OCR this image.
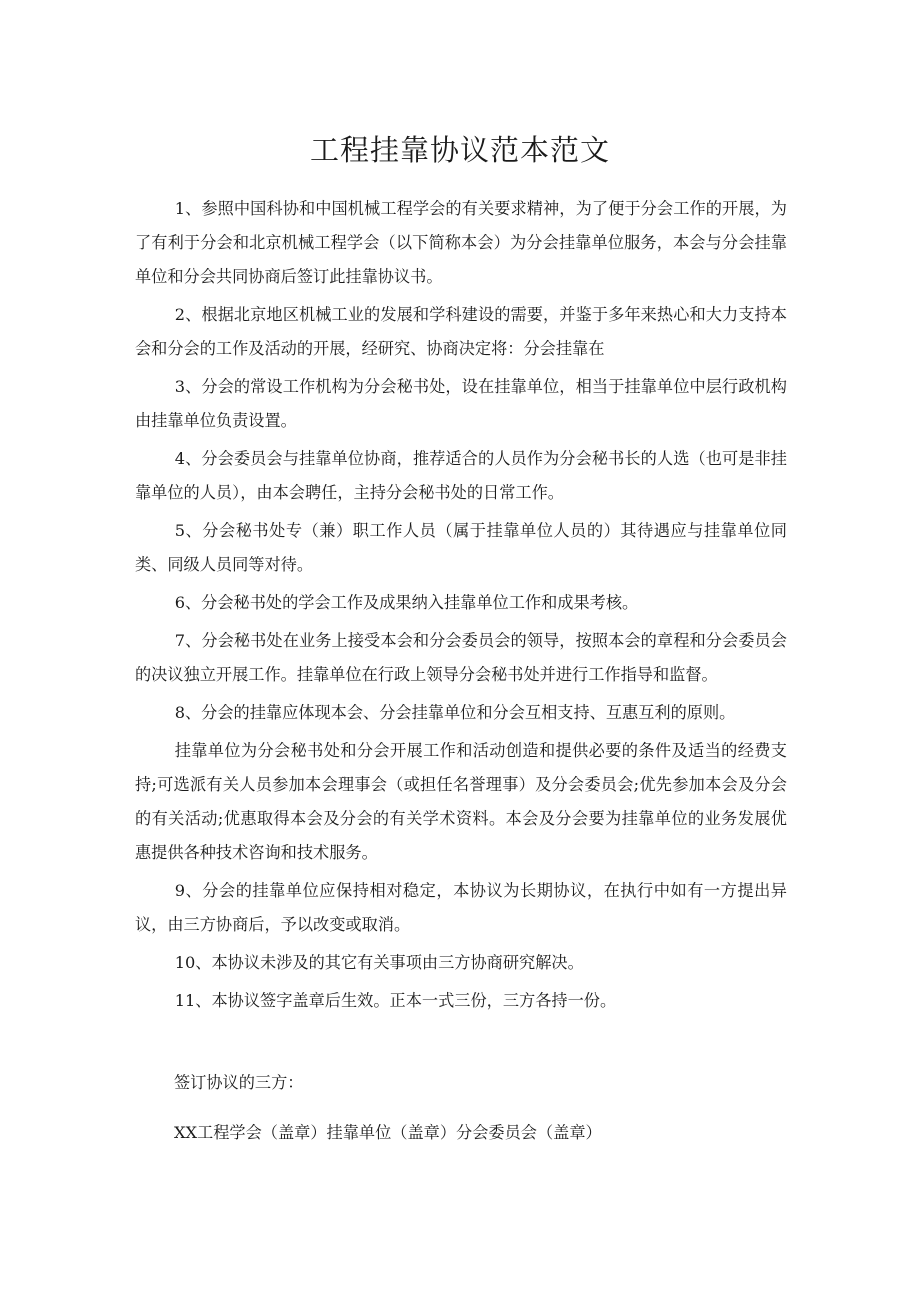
工程挂靠协议范本范文

1、参照中国科协和中国机械工程学会的有关要求精神，为了便于分会工作的开展，为了有利于分会和北京机械工程学会（以下简称本会）为分会挂靠单位服务，本会与分会挂靠单位和分会共同协商后签订此挂靠协议书。

2、根据北京地区机械工业的发展和学科建设的需要，并鉴于多年来热心和大力支持本会和分会的工作及活动的开展，经研究、协商决定将：分会挂靠在

3、分会的常设工作机构为分会秘书处，设在挂靠单位，相当于挂靠单位中层行政机构由挂靠单位负责设置。

4、分会委员会与挂靠单位协商，推荐适合的人员作为分会秘书长的人选（也可是非挂靠单位的人员），由本会聘任，主持分会秘书处的日常工作。

5、分会秘书处专（兼）职工作人员（属于挂靠单位人员的）其待遇应与挂靠单位同类、同级人员同等对待。

6、分会秘书处的学会工作及成果纳入挂靠单位工作和成果考核。

7、分会秘书处在业务上接受本会和分会委员会的领导，按照本会的章程和分会委员会的决议独立开展工作。挂靠单位在行政上领导分会秘书处并进行工作指导和监督。

8、分会的挂靠应体现本会、分会挂靠单位和分会互相支持、互惠互利的原则。

挂靠单位为分会秘书处和分会开展工作和活动创造和提供必要的条件及适当的经费支持;可选派有关人员参加本会理事会（或担任名誉理事）及分会委员会;优先参加本会及分会的有关活动;优惠取得本会及分会的有关学术资料。本会及分会要为挂靠单位的业务发展优惠提供各种技术咨询和技术服务。

9、分会的挂靠单位应保持相对稳定，本协议为长期协议，在执行中如有一方提出异议，由三方协商后，予以改变或取消。

10、本协议未涉及的其它有关事项由三方协商研究解决。

11、本协议签字盖章后生效。正本一式三份，三方各持一份。

签订协议的三方：

XX工程学会（盖章）挂靠单位（盖章）分会委员会（盖章）
